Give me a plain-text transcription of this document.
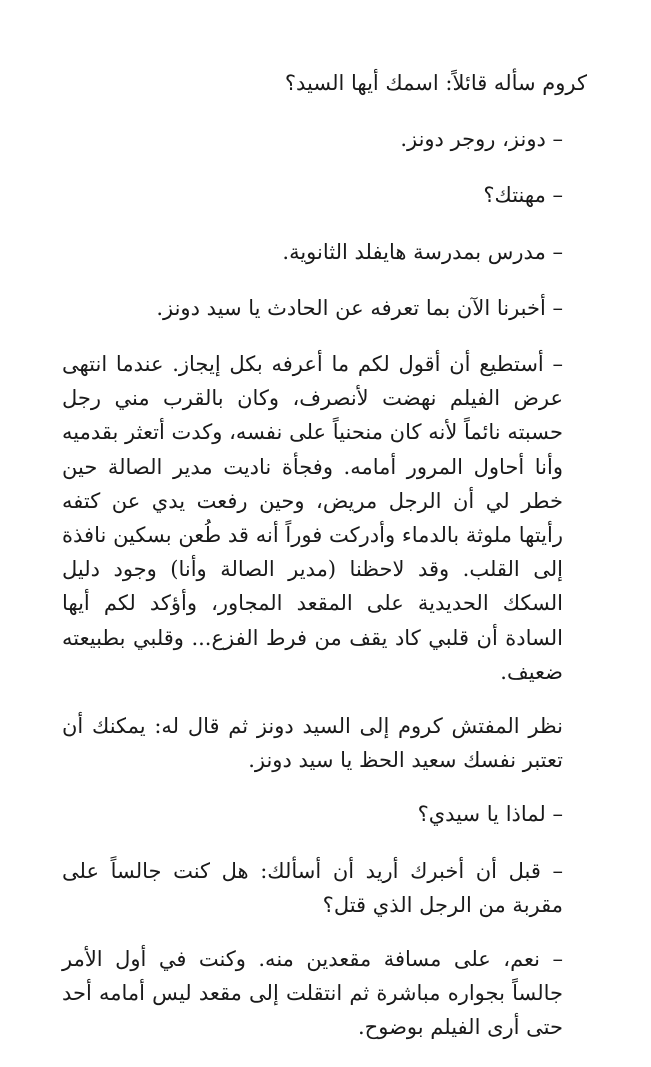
كروم سأله قائلاً: اسمك أيها السيد؟

– دونز، روجر دونز.

– مهنتك؟

– مدرس بمدرسة هايفلد الثانوية.

– أخبرنا الآن بما تعرفه عن الحادث يا سيد دونز.

– أستطيع أن أقول لكم ما أعرفه بكل إيجاز. عندما انتهى عرض الفيلم نهضت لأنصرف، وكان بالقرب مني رجل حسبته نائماً لأنه كان منحنياً على نفسه، وكدت أتعثر بقدميه وأنا أحاول المرور أمامه. وفجأة ناديت مدير الصالة حين خطر لي أن الرجل مريض، وحين رفعت يدي عن كتفه رأيتها ملوثة بالدماء وأدركت فوراً أنه قد طُعن بسكين نافذة إلى القلب. وقد لاحظنا (مدير الصالة وأنا) وجود دليل السكك الحديدية على المقعد المجاور، وأؤكد لكم أيها السادة أن قلبي كاد يقف من فرط الفزع... وقلبي بطبيعته ضعيف.

نظر المفتش كروم إلى السيد دونز ثم قال له: يمكنك أن تعتبر نفسك سعيد الحظ يا سيد دونز.

– لماذا يا سيدي؟

– قبل أن أخبرك أريد أن أسألك: هل كنت جالساً على مقربة من الرجل الذي قتل؟

– نعم، على مسافة مقعدين منه. وكنت في أول الأمر جالساً بجواره مباشرة ثم انتقلت إلى مقعد ليس أمامه أحد حتى أرى الفيلم بوضوح.
